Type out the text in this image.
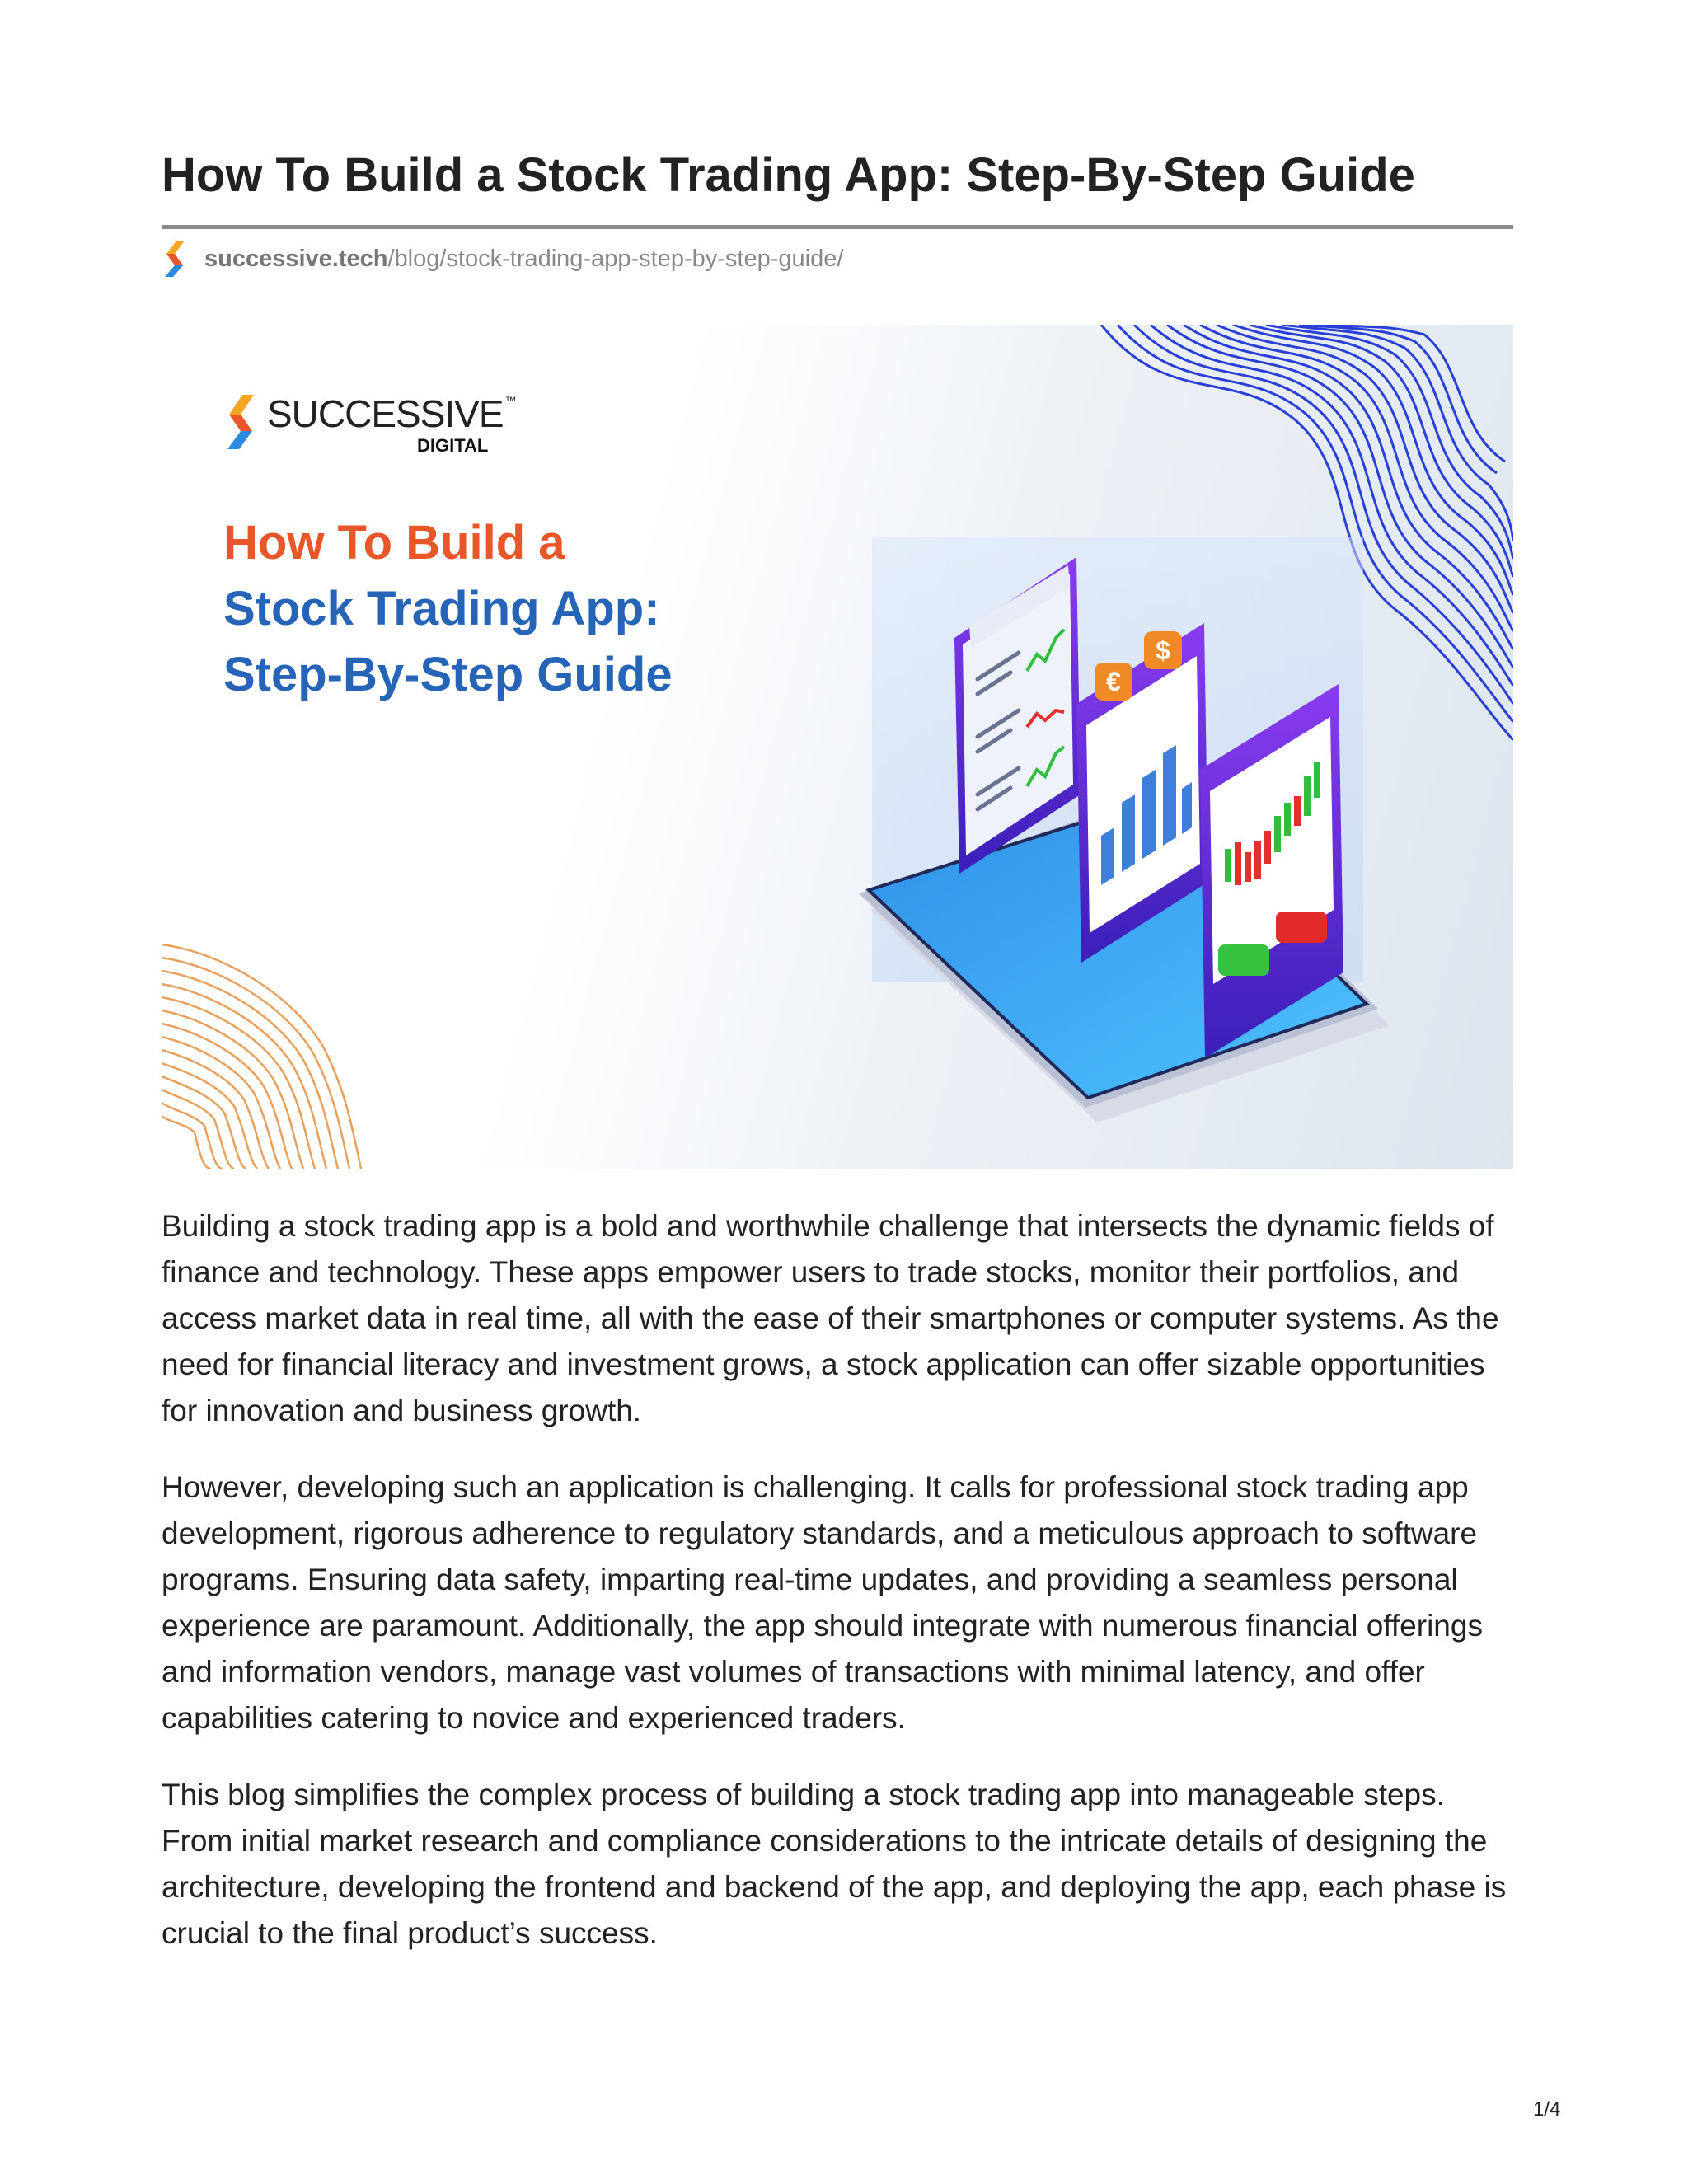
How To Build a Stock Trading App: Step-By-Step Guide
successive.tech /blog/stock-trading-app-step-by-step-guide/
€
$
SUCCESSIVE ™
DIGITAL
How To Build a
Stock Trading App:
Step-By-Step Guide

Building a stock trading app is a bold and worthwhile challenge that intersects the dynamic fields of finance and technology. These apps empower users to trade stocks, monitor their portfolios, and access market data in real time, all with the ease of their smartphones or computer systems. As the need for financial literacy and investment grows, a stock application can offer sizable opportunities for innovation and business growth.

However, developing such an application is challenging. It calls for professional stock trading app development, rigorous adherence to regulatory standards, and a meticulous approach to software programs. Ensuring data safety, imparting real-time updates, and providing a seamless personal experience are paramount. Additionally, the app should integrate with numerous financial offerings and information vendors, manage vast volumes of transactions with minimal latency, and offer capabilities catering to novice and experienced traders.

This blog simplifies the complex process of building a stock trading app into manageable steps. From initial market research and compliance considerations to the intricate details of designing the architecture, developing the frontend and backend of the app, and deploying the app, each phase is crucial to the final product’s success.

1/4
